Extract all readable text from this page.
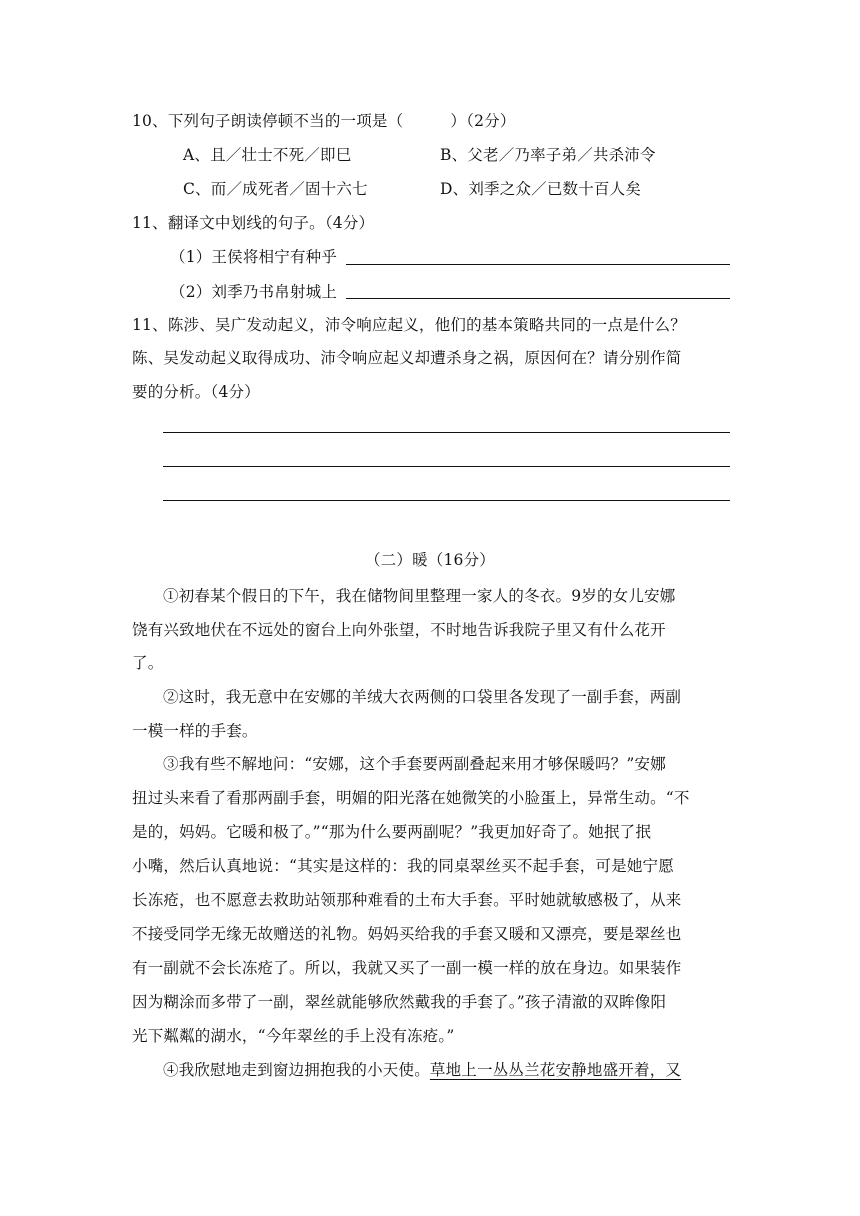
10、下列句子朗读停顿不当的一项是（　　　）（2分）
A、且／壮士不死／即巳	B、父老／乃率子弟／共杀沛令
C、而／成死者／固十六七	D、刘季之众／已数十百人矣
11、翻译文中划线的句子。（4分）
（1）王侯将相宁有种乎
（2）刘季乃书帛射城上
11、陈涉、吴广发动起义，沛令响应起义，他们的基本策略共同的一点是什么？
陈、吴发动起义取得成功、沛令响应起义却遭杀身之祸，原因何在？请分别作简
要的分析。（4分）
（二）暖（16分）
①初春某个假日的下午，我在储物间里整理一家人的冬衣。9岁的女儿安娜
饶有兴致地伏在不远处的窗台上向外张望，不时地告诉我院子里又有什么花开
了。
②这时，我无意中在安娜的羊绒大衣两侧的口袋里各发现了一副手套，两副
一模一样的手套。
③我有些不解地问：“安娜，这个手套要两副叠起来用才够保暖吗？”安娜
扭过头来看了看那两副手套，明媚的阳光落在她微笑的小脸蛋上，异常生动。“不
是的，妈妈。它暖和极了。”“那为什么要两副呢？”我更加好奇了。她抿了抿
小嘴，然后认真地说：“其实是这样的：我的同桌翠丝买不起手套，可是她宁愿
长冻疮，也不愿意去救助站领那种难看的土布大手套。平时她就敏感极了，从来
不接受同学无缘无故赠送的礼物。妈妈买给我的手套又暖和又漂亮，要是翠丝也
有一副就不会长冻疮了。所以，我就又买了一副一模一样的放在身边。如果装作
因为糊涂而多带了一副，翠丝就能够欣然戴我的手套了。”孩子清澈的双眸像阳
光下粼粼的湖水，“今年翠丝的手上没有冻疮。”
④我欣慰地走到窗边拥抱我的小天使。草地上一丛丛兰花安静地盛开着，又
